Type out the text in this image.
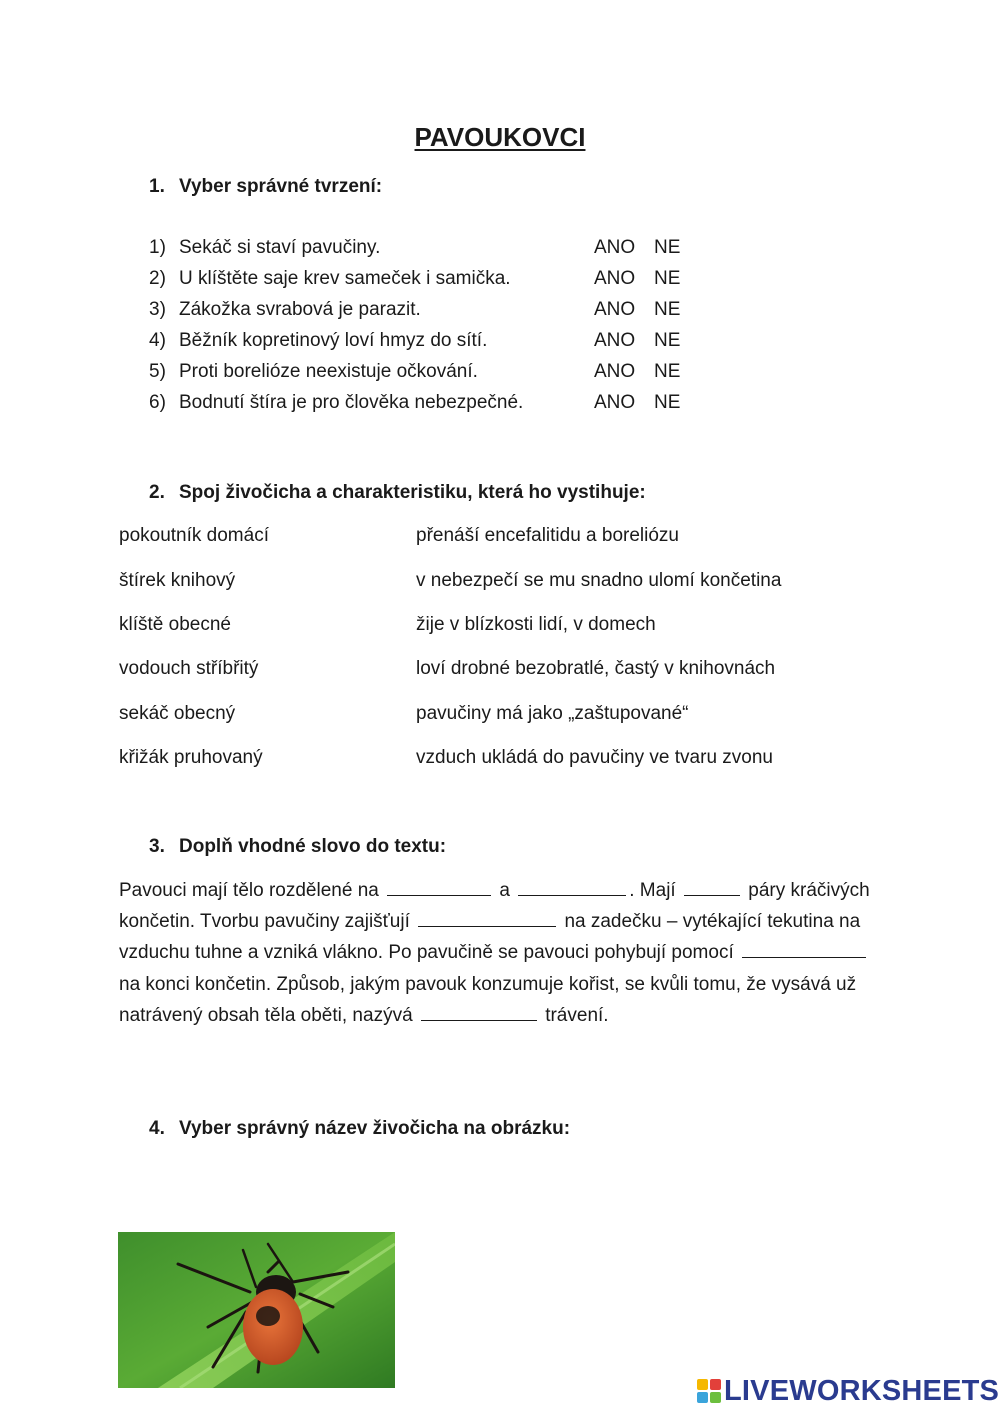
PAVOUKOVCI
1. Vyber správné tvrzení:
1) Sekáč si staví pavučiny.	ANO NE
2) U klíštěte saje krev sameček i samička.	ANO NE
3) Zákožka svrabová je parazit.	ANO NE
4) Běžník kopretinový loví hmyz do sítí.	ANO NE
5) Proti borelióze neexistuje očkování.	ANO NE
6) Bodnutí štíra je pro člověka nebezpečné.	ANO NE
2. Spoj živočicha a charakteristiku, která ho vystihuje:
pokoutník domácí	přenáší encefalitidu a boreliózu
štírek knihový	v nebezpečí se mu snadno ulomí končetina
klíště obecné	žije v blízkosti lidí, v domech
vodouch stříbřitý	loví drobné bezobratlé, častý v knihovnách
sekáč obecný	pavučiny má jako „zaštupované“
křižák pruhovaný	vzduch ukládá do pavučiny ve tvaru zvonu
3. Doplň vhodné slovo do textu:
Pavouci mají tělo rozdělené na	a	. Mají	páry kráčivých končetin. Tvorbu pavučiny zajišťují	na zadečku – vytékající tekutina na vzduchu tuhne a vzniká vlákno. Po pavučině se pavouci pohybují pomocí  na konci končetin. Způsob, jakým pavouk konzumuje kořist, se kvůli tomu, že vysává už natrávený obsah těla oběti, nazývá	trávení.
4. Vyber správný název živočicha na obrázku:
LIVEWORKSHEETS
